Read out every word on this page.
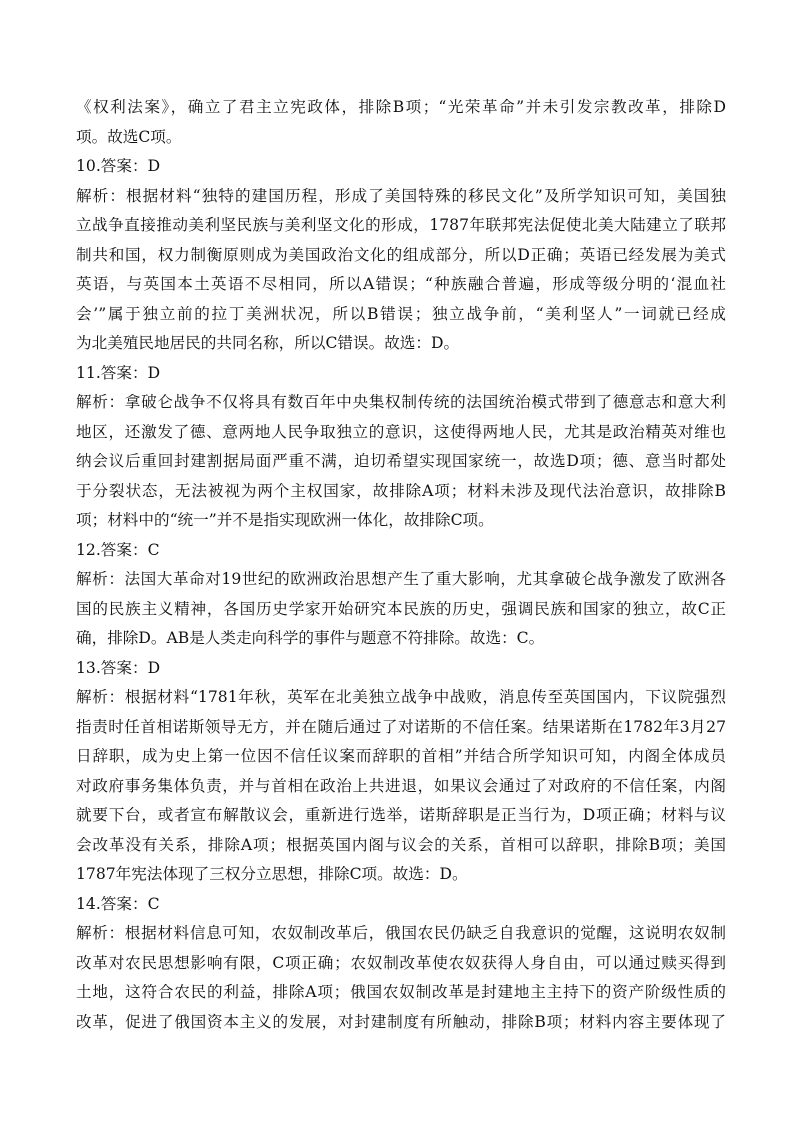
《权利法案》，确立了君主立宪政体，排除B项；“光荣革命”并未引发宗教改革，排除D
项。故选C项。
10.答案：D
解析：根据材料“独特的建国历程，形成了美国特殊的移民文化”及所学知识可知，美国独
立战争直接推动美利坚民族与美利坚文化的形成，1787年联邦宪法促使北美大陆建立了联邦
制共和国，权力制衡原则成为美国政治文化的组成部分，所以D正确；英语已经发展为美式
英语，与英国本土英语不尽相同，所以A错误；“种族融合普遍，形成等级分明的‘混血社
会’”属于独立前的拉丁美洲状况，所以B错误；独立战争前，“美利坚人”一词就已经成
为北美殖民地居民的共同名称，所以C错误。故选：D。
11.答案：D
解析：拿破仑战争不仅将具有数百年中央集权制传统的法国统治模式带到了德意志和意大利
地区，还激发了德、意两地人民争取独立的意识，这使得两地人民，尤其是政治精英对维也
纳会议后重回封建割据局面严重不满，迫切希望实现国家统一，故选D项；德、意当时都处
于分裂状态，无法被视为两个主权国家，故排除A项；材料未涉及现代法治意识，故排除B
项；材料中的“统一”并不是指实现欧洲一体化，故排除C项。
12.答案：C
解析：法国大革命对19世纪的欧洲政治思想产生了重大影响，尤其拿破仑战争激发了欧洲各
国的民族主义精神，各国历史学家开始研究本民族的历史，强调民族和国家的独立，故C正
确，排除D。AB是人类走向科学的事件与题意不符排除。故选：C。
13.答案：D
解析：根据材料“1781年秋，英军在北美独立战争中战败，消息传至英国国内，下议院强烈
指责时任首相诺斯领导无方，并在随后通过了对诺斯的不信任案。结果诺斯在1782年3月27
日辞职，成为史上第一位因不信任议案而辞职的首相”并结合所学知识可知，内阁全体成员
对政府事务集体负责，并与首相在政治上共进退，如果议会通过了对政府的不信任案，内阁
就要下台，或者宣布解散议会，重新进行选举，诺斯辞职是正当行为，D项正确；材料与议
会改革没有关系，排除A项；根据英国内阁与议会的关系，首相可以辞职，排除B项；美国
1787年宪法体现了三权分立思想，排除C项。故选：D。
14.答案：C
解析：根据材料信息可知，农奴制改革后，俄国农民仍缺乏自我意识的觉醒，这说明农奴制
改革对农民思想影响有限，C项正确；农奴制改革使农奴获得人身自由，可以通过赎买得到
土地，这符合农民的利益，排除A项；俄国农奴制改革是封建地主主持下的资产阶级性质的
改革，促进了俄国资本主义的发展，对封建制度有所触动，排除B项；材料内容主要体现了
